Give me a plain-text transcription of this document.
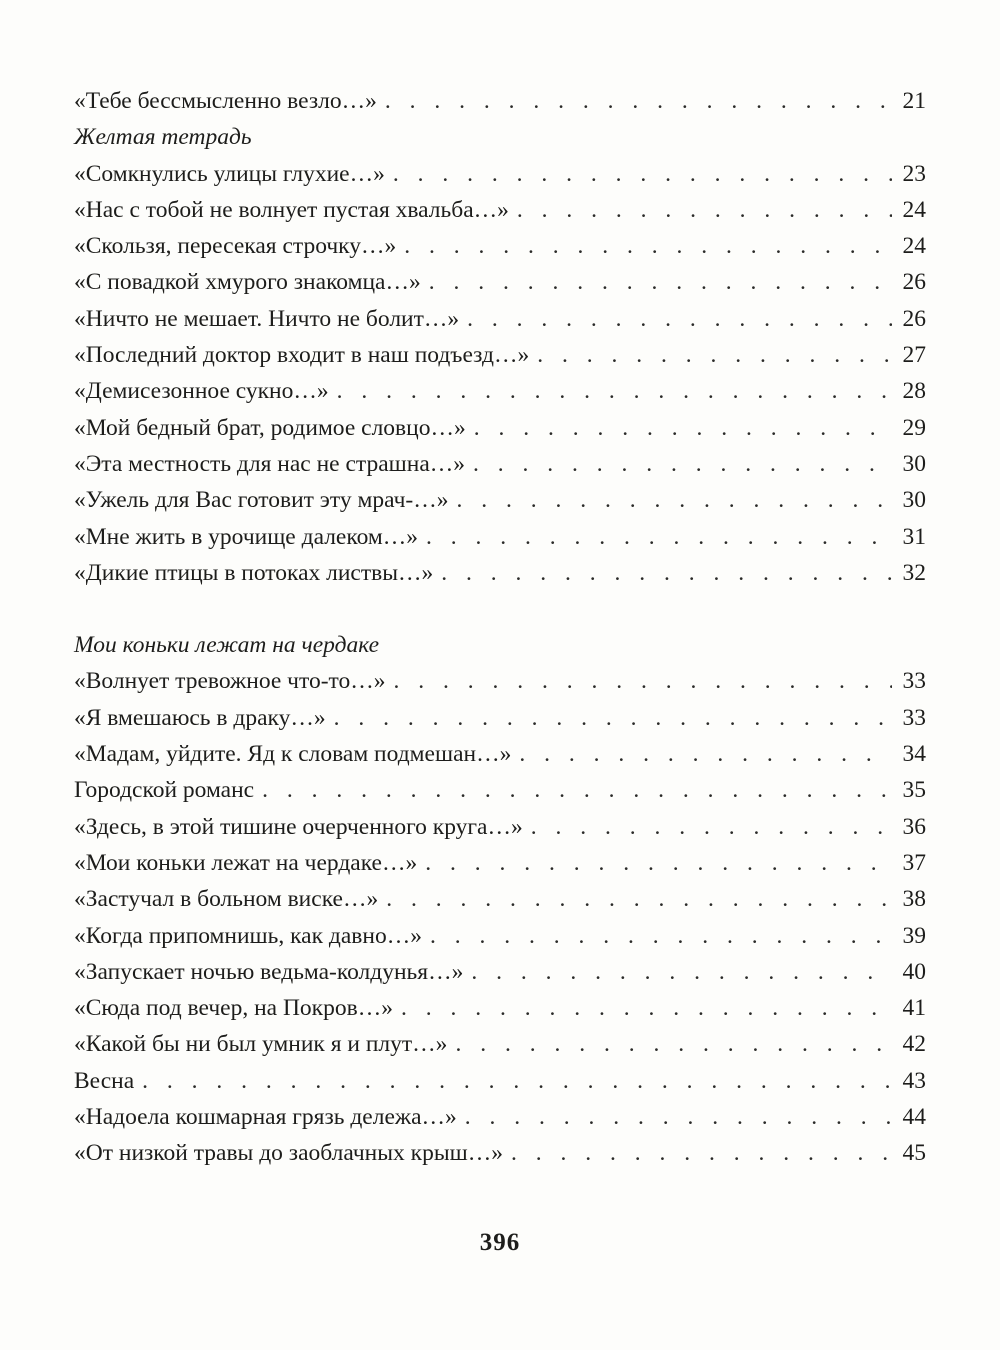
«Тебе бессмысленно везло…» . . .	21
Желтая тетрадь
«Сомкнулись улицы глухие…» . . .	23
«Нас с тобой не волнует пустая хвальба…» . . .	24
«Скользя, пересекая строчку…» . . .	24
«С повадкой хмурого знакомца…» . . .	26
«Ничто не мешает. Ничто не болит…» . . .	26
«Последний доктор входит в наш подъезд…» . . .	27
«Демисезонное сукно…» . . .	28
«Мой бедный брат, родимое словцо…» . . .	29
«Эта местность для нас не страшна…» . . .	30
«Ужель для Вас готовит эту мрач-…» . . .	30
«Мне жить в урочище далеком…» . . .	31
«Дикие птицы в потоках листвы…» . . .	32
Мои коньки лежат на чердаке
«Волнует тревожное что-то…» . . .	33
«Я вмешаюсь в драку…» . . .	33
«Мадам, уйдите. Яд к словам подмешан…» . . .	34
Городской романс . . .	35
«Здесь, в этой тишине очерченного круга…» . . .	36
«Мои коньки лежат на чердаке…» . . .	37
«Застучал в больном виске…» . . .	38
«Когда припомнишь, как давно…» . . .	39
«Запускает ночью ведьма-колдунья…» . . .	40
«Сюда под вечер, на Покров…» . . .	41
«Какой бы ни был умник я и плут…» . . .	42
Весна . . .	43
«Надоела кошмарная грязь дележа…» . . .	44
«От низкой травы до заоблачных крыш…» . . .	45
396
